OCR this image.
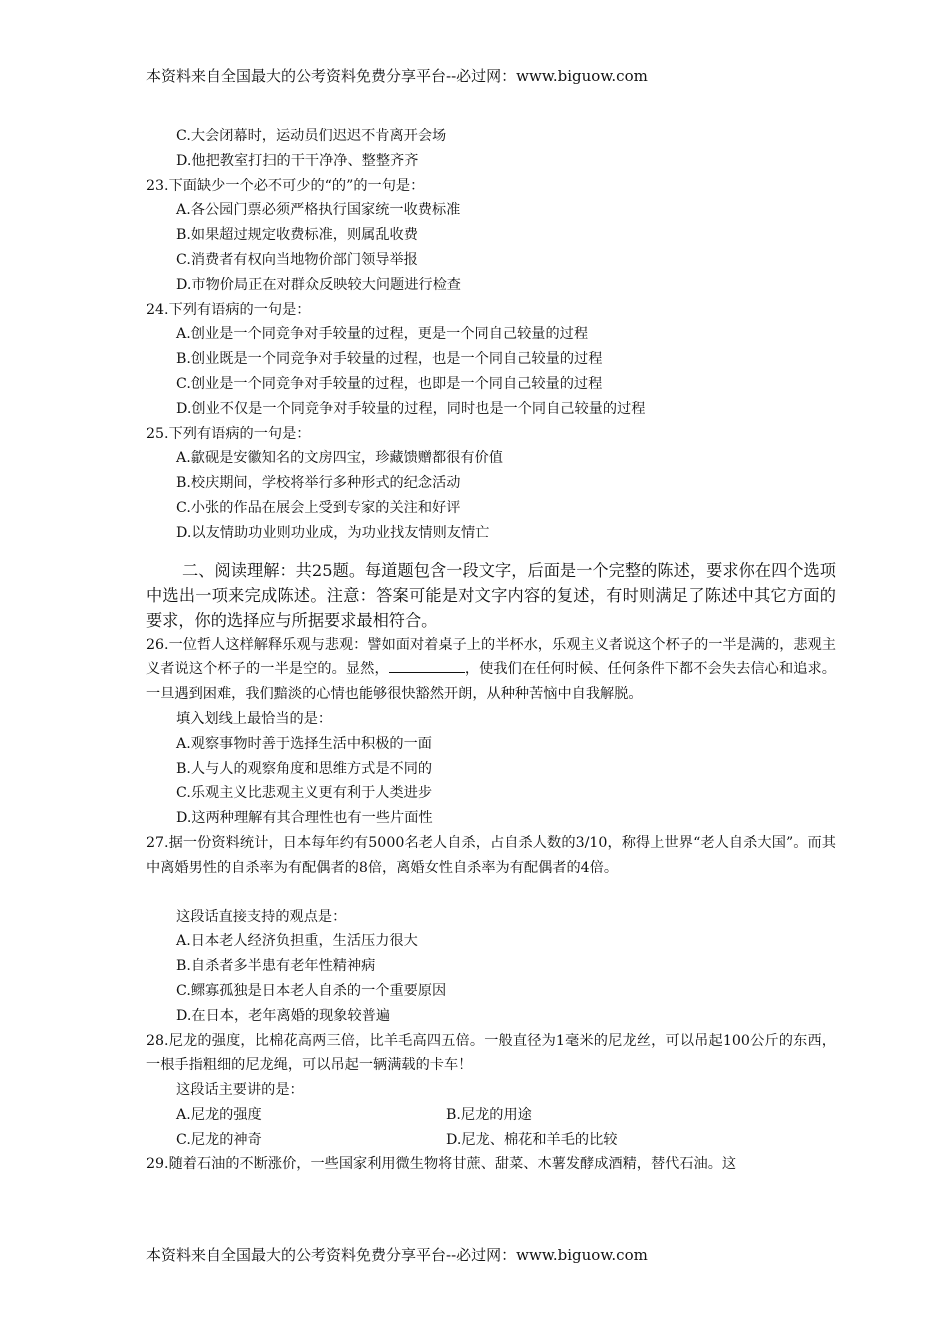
本资料来自全国最大的公考资料免费分享平台--必过网：www.biguow.com
C.大会闭幕时，运动员们迟迟不肯离开会场
D.他把教室打扫的干干净净、整整齐齐
23.下面缺少一个必不可少的“的”的一句是：
A.各公园门票必须严格执行国家统一收费标准
B.如果超过规定收费标准，则属乱收费
C.消费者有权向当地物价部门领导举报
D.市物价局正在对群众反映较大问题进行检查
24.下列有语病的一句是：
A.创业是一个同竞争对手较量的过程，更是一个同自己较量的过程
B.创业既是一个同竞争对手较量的过程，也是一个同自己较量的过程
C.创业是一个同竞争对手较量的过程，也即是一个同自己较量的过程
D.创业不仅是一个同竞争对手较量的过程，同时也是一个同自己较量的过程
25.下列有语病的一句是：
A.歙砚是安徽知名的文房四宝，珍藏馈赠都很有价值
B.校庆期间，学校将举行多种形式的纪念活动
C.小张的作品在展会上受到专家的关注和好评
D.以友情助功业则功业成，为功业找友情则友情亡
二、阅读理解：共25题。每道题包含一段文字，后面是一个完整的陈述，要求你在四个选项中选出一项来完成陈述。注意：答案可能是对文字内容的复述，有时则满足了陈述中其它方面的要求，你的选择应与所据要求最相符合。
26.一位哲人这样解释乐观与悲观：譬如面对着桌子上的半杯水，乐观主义者说这个杯子的一半是满的，悲观主义者说这个杯子的一半是空的。显然，	，使我们在任何时候、任何条件下都不会失去信心和追求。一旦遇到困难，我们黯淡的心情也能够很快豁然开朗，从种种苦恼中自我解脱。
填入划线上最恰当的是：
A.观察事物时善于选择生活中积极的一面
B.人与人的观察角度和思维方式是不同的
C.乐观主义比悲观主义更有利于人类进步
D.这两种理解有其合理性也有一些片面性
27.据一份资料统计，日本每年约有5000名老人自杀，占自杀人数的3/10，称得上世界“老人自杀大国”。而其中离婚男性的自杀率为有配偶者的8倍，离婚女性自杀率为有配偶者的4倍。
这段话直接支持的观点是：
A.日本老人经济负担重，生活压力很大
B.自杀者多半患有老年性精神病
C.鳏寡孤独是日本老人自杀的一个重要原因
D.在日本，老年离婚的现象较普遍
28.尼龙的强度，比棉花高两三倍，比羊毛高四五倍。一般直径为1毫米的尼龙丝，可以吊起100公斤的东西，一根手指粗细的尼龙绳，可以吊起一辆满载的卡车！
这段话主要讲的是：
A.尼龙的强度	B.尼龙的用途
C.尼龙的神奇	D.尼龙、棉花和羊毛的比较
29.随着石油的不断涨价，一些国家利用微生物将甘蔗、甜菜、木薯发酵成酒精，替代石油。这
本资料来自全国最大的公考资料免费分享平台--必过网：www.biguow.com
